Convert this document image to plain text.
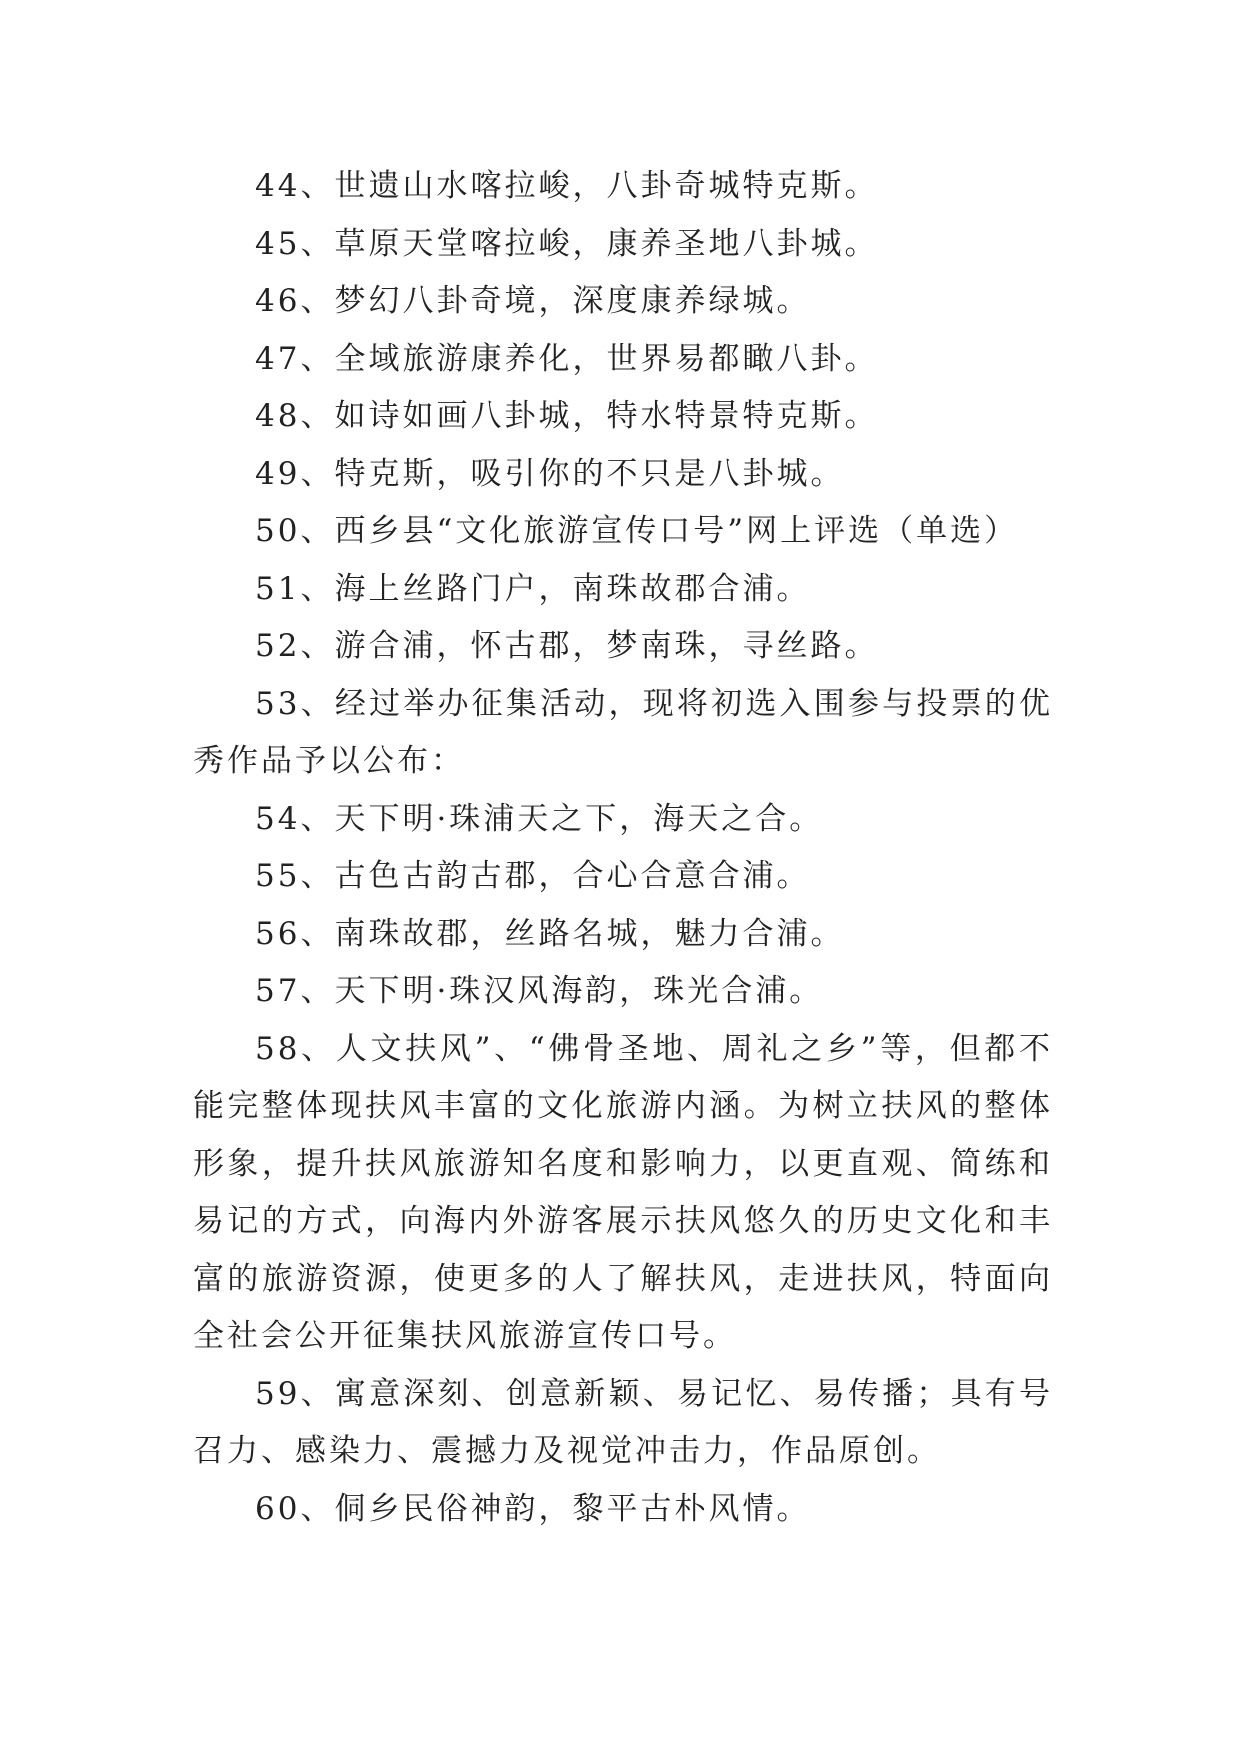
44、世遗山水喀拉峻，八卦奇城特克斯。

45、草原天堂喀拉峻，康养圣地八卦城。

46、梦幻八卦奇境，深度康养绿城。

47、全域旅游康养化，世界易都瞰八卦。

48、如诗如画八卦城，特水特景特克斯。

49、特克斯，吸引你的不只是八卦城。

50、西乡县“文化旅游宣传口号”网上评选（单选）

51、海上丝路门户，南珠故郡合浦。

52、游合浦，怀古郡，梦南珠，寻丝路。

53、经过举办征集活动，现将初选入围参与投票的优秀作品予以公布：

54、天下明·珠浦天之下，海天之合。

55、古色古韵古郡，合心合意合浦。

56、南珠故郡，丝路名城，魅力合浦。

57、天下明·珠汉风海韵，珠光合浦。

58、人文扶风”、“佛骨圣地、周礼之乡”等，但都不能完整体现扶风丰富的文化旅游内涵。为树立扶风的整体形象，提升扶风旅游知名度和影响力，以更直观、简练和易记的方式，向海内外游客展示扶风悠久的历史文化和丰富的旅游资源，使更多的人了解扶风，走进扶风，特面向全社会公开征集扶风旅游宣传口号。

59、寓意深刻、创意新颖、易记忆、易传播；具有号召力、感染力、震撼力及视觉冲击力，作品原创。

60、侗乡民俗神韵，黎平古朴风情。
